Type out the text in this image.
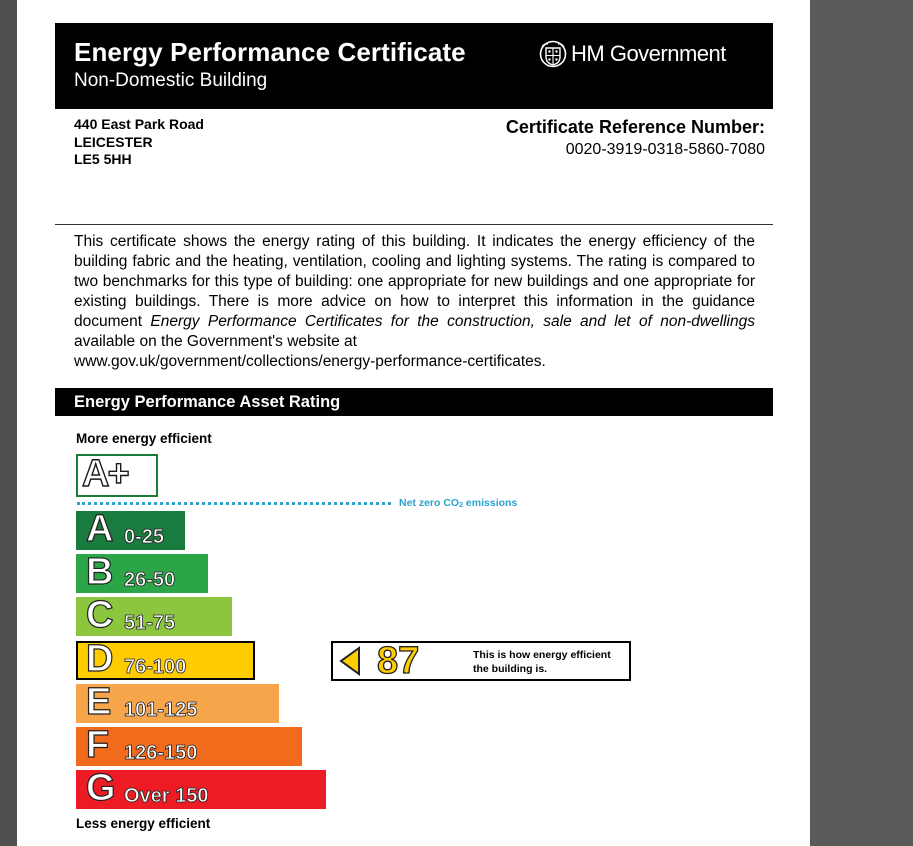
Energy Performance Certificate
Non-Domestic Building
HM Government
440 East Park Road
LEICESTER
LE5 5HH
Certificate Reference Number:
0020-3919-0318-5860-7080
This certificate shows the energy rating of this building. It indicates the energy efficiency of the building fabric and the heating, ventilation, cooling and lighting systems. The rating is compared to two benchmarks for this type of building: one appropriate for new buildings and one appropriate for existing buildings. There is more advice on how to interpret this information in the guidance document Energy Performance Certificates for the construction, sale and let of non-dwellings available on the Government's website at
www.gov.uk/government/collections/energy-performance-certificates.
Energy Performance Asset Rating
More energy efficient
A+
Net zero $CO_2$ emissions
A 0-25
B 26-50
C 51-75
D 76-100
E 101-125
F 126-150
G Over 150
87	This is how energy efficient
the building is.
Less energy efficient
